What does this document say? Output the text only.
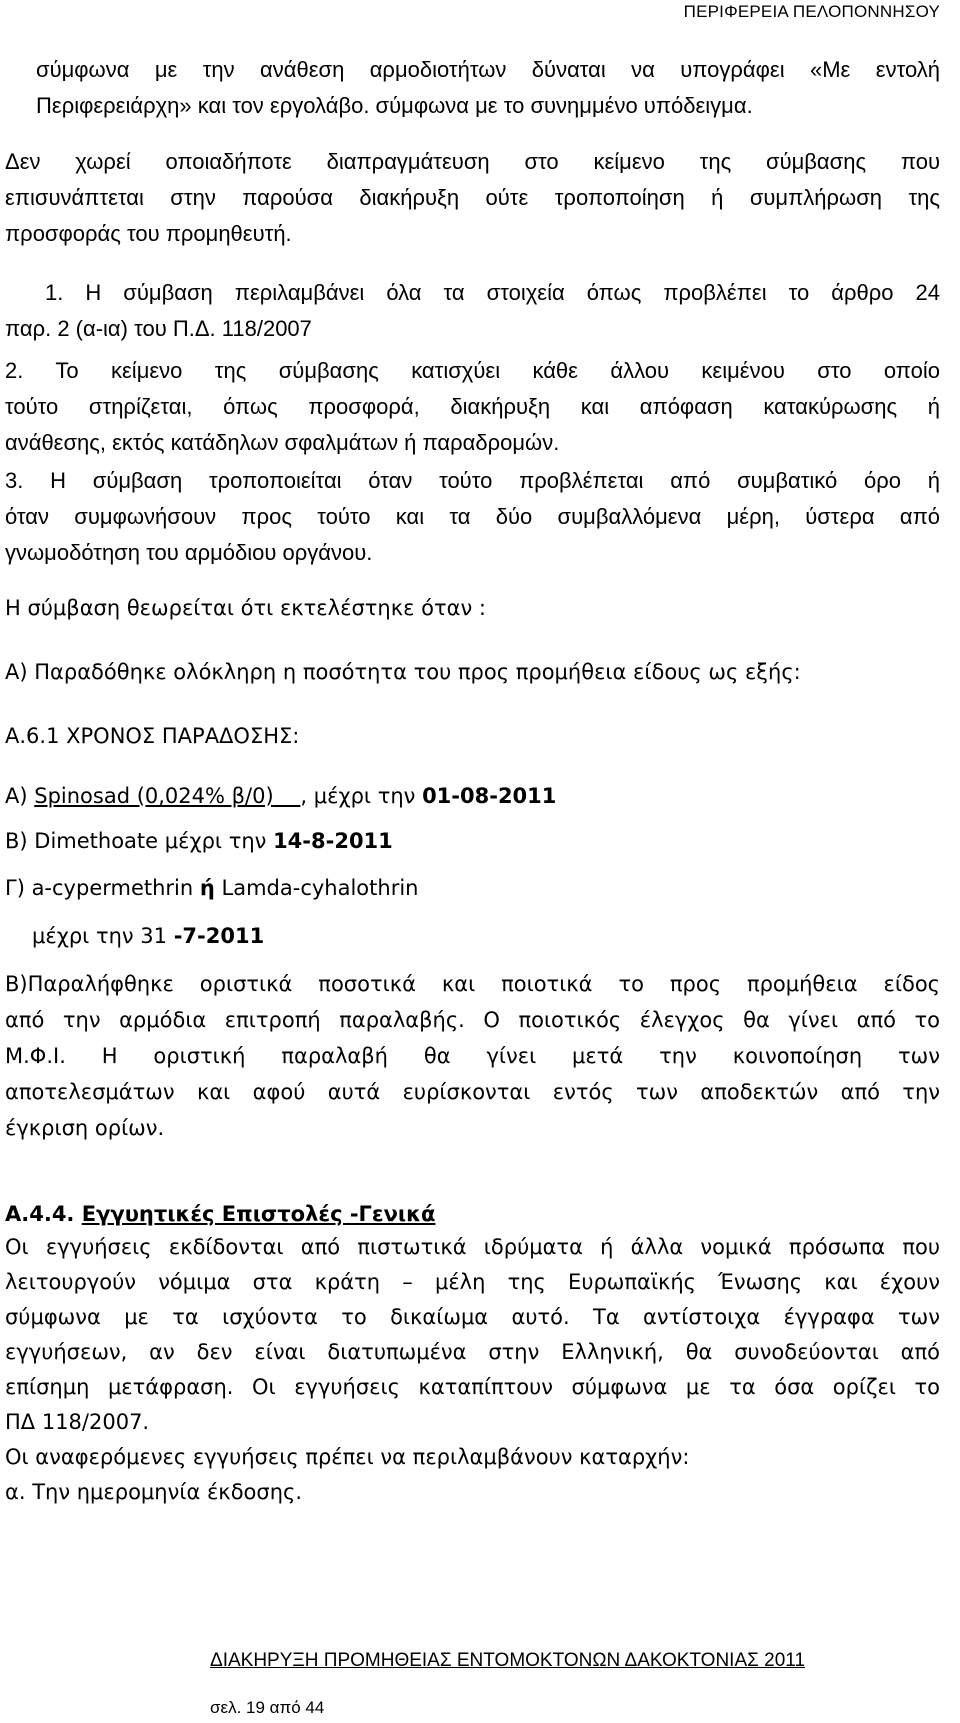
ΠΕΡΙΦΕΡΕΙΑ ΠΕΛΟΠΟΝΝΗΣΟΥ
σύμφωνα με την ανάθεση αρμοδιοτήτων δύναται να υπογράφει «Με εντολή
Περιφερειάρχη» και τον εργολάβο. σύμφωνα με το συνημμένο υπόδειγμα.
Δεν χωρεί οποιαδήποτε διαπραγμάτευση στο κείμενο της σύμβασης που
επισυνάπτεται στην παρούσα διακήρυξη ούτε τροποποίηση ή συμπλήρωση της
προσφοράς του προμηθευτή.
1. Η σύμβαση περιλαμβάνει όλα τα στοιχεία όπως προβλέπει το άρθρο 24
παρ. 2 (α-ια) του Π.Δ. 118/2007
2. Το κείμενο της σύμβασης κατισχύει κάθε άλλου κειμένου στο οποίο
τούτο στηρίζεται, όπως προσφορά, διακήρυξη και απόφαση κατακύρωσης ή
ανάθεσης, εκτός κατάδηλων σφαλμάτων ή παραδρομών.
3. Η σύμβαση τροποποιείται όταν τούτο προβλέπεται από συμβατικό όρο ή
όταν συμφωνήσουν προς τούτο και τα δύο συμβαλλόμενα μέρη, ύστερα από
γνωμοδότηση του αρμόδιου οργάνου.
Η σύμβαση θεωρείται ότι εκτελέστηκε όταν :
Α) Παραδόθηκε ολόκληρη η ποσότητα του προς προμήθεια είδους ως εξής:
Α.6.1 ΧΡΟΝΟΣ ΠΑΡΑΔΟΣΗΣ:
Α) Spinosad (0,024% β/0) , μέχρι την 01-08-2011
Β) Dimethoate μέχρι την 14-8-2011
Γ) a-cypermethrin ή Lamda-cyhalothrin
μέχρι την 31 -7-2011
Β)Παραλήφθηκε οριστικά ποσοτικά και ποιοτικά το προς προμήθεια είδος
από την αρμόδια επιτροπή παραλαβής. Ο ποιοτικός έλεγχος θα γίνει από το
Μ.Φ.Ι. Η οριστική παραλαβή θα γίνει μετά την κοινοποίηση των
αποτελεσμάτων και αφού αυτά ευρίσκονται εντός των αποδεκτών από την
έγκριση ορίων.
Α.4.4. Εγγυητικές Επιστολές -Γενικά
Οι εγγυήσεις εκδίδονται από πιστωτικά ιδρύματα ή άλλα νομικά πρόσωπα που
λειτουργούν νόμιμα στα κράτη – μέλη της Ευρωπαϊκής Ένωσης και έχουν
σύμφωνα με τα ισχύοντα το δικαίωμα αυτό. Τα αντίστοιχα έγγραφα των
εγγυήσεων, αν δεν είναι διατυπωμένα στην Ελληνική, θα συνοδεύονται από
επίσημη μετάφραση. Οι εγγυήσεις καταπίπτουν σύμφωνα με τα όσα ορίζει το
ΠΔ 118/2007.
Οι αναφερόμενες εγγυήσεις πρέπει να περιλαμβάνουν καταρχήν:
α. Την ημερομηνία έκδοσης.
ΔΙΑΚΗΡΥΞΗ ΠΡΟΜΗΘΕΙΑΣ ΕΝΤΟΜΟΚΤΟΝΩΝ ΔΑΚΟΚΤΟΝΙΑΣ 2011
σελ. 19 από 44
